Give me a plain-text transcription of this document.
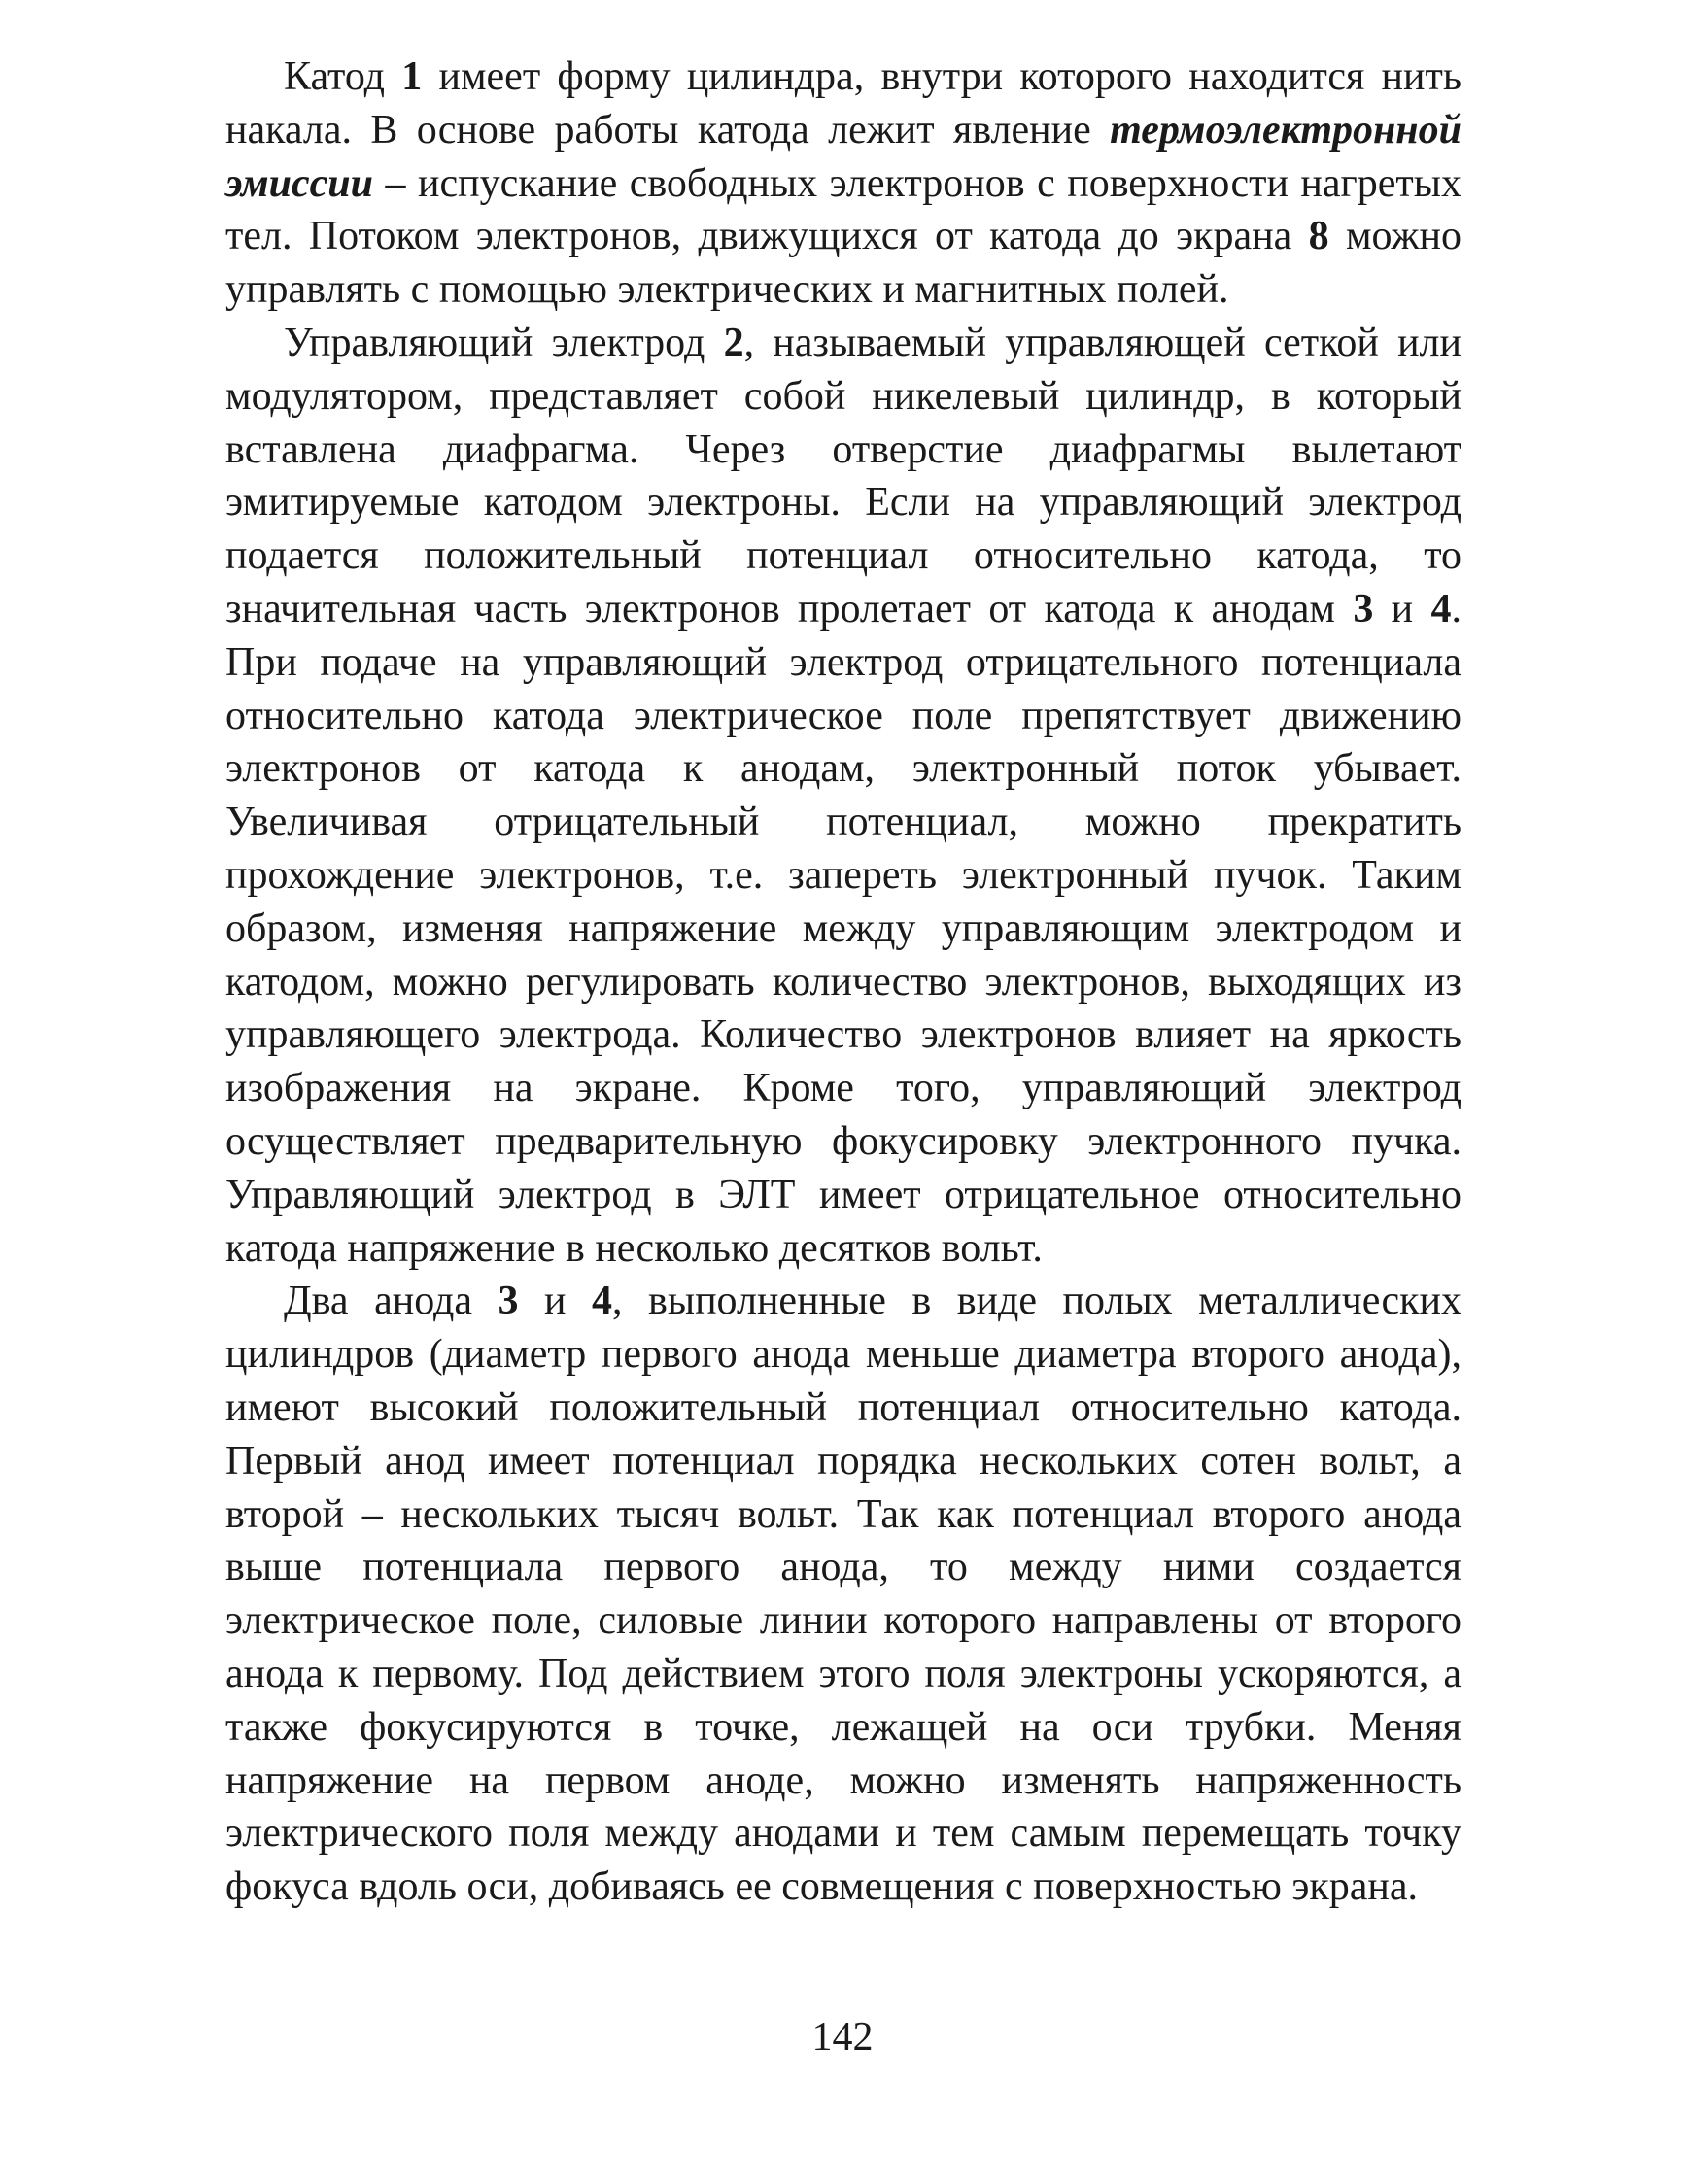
Катод 1 имеет форму цилиндра, внутри которого находится нить накала. В основе работы катода лежит явление термоэлектронной эмиссии – испускание свободных электронов с поверхности нагретых тел. Потоком электронов, движущихся от катода до экрана 8 можно управлять с помощью электрических и магнитных полей.

Управляющий электрод 2, называемый управляющей сеткой или модулятором, представляет собой никелевый цилиндр, в который вставлена диафрагма. Через отверстие диафрагмы вылетают эмитируемые катодом электроны. Если на управляющий электрод подается положительный потенциал относительно катода, то значительная часть электронов пролетает от катода к анодам 3 и 4. При подаче на управляющий электрод отрицательного потенциала относительно катода электрическое поле препятствует движению электронов от катода к анодам, электронный поток убывает. Увеличивая отрицательный потенциал, можно прекратить прохождение электронов, т.е. запереть электронный пучок. Таким образом, изменяя напряжение между управляющим электродом и катодом, можно регулировать количество электронов, выходящих из управляющего электрода. Количество электронов влияет на яркость изображения на экране. Кроме того, управляющий электрод осуществляет предварительную фокусировку электронного пучка. Управляющий электрод в ЭЛТ имеет отрицательное относительно катода напряжение в несколько десятков вольт.

Два анода 3 и 4, выполненные в виде полых металлических цилиндров (диаметр первого анода меньше диаметра второго анода), имеют высокий положительный потенциал относительно катода. Первый анод имеет потенциал порядка нескольких сотен вольт, а второй – нескольких тысяч вольт. Так как потенциал второго анода выше потенциала первого анода, то между ними создается электрическое поле, силовые линии которого направлены от второго анода к первому. Под действием этого поля электроны ускоряются, а также фокусируются в точке, лежащей на оси трубки. Меняя напряжение на первом аноде, можно изменять напряженность электрического поля между анодами и тем самым перемещать точку фокуса вдоль оси, добиваясь ее совмещения с поверхностью экрана.

142
